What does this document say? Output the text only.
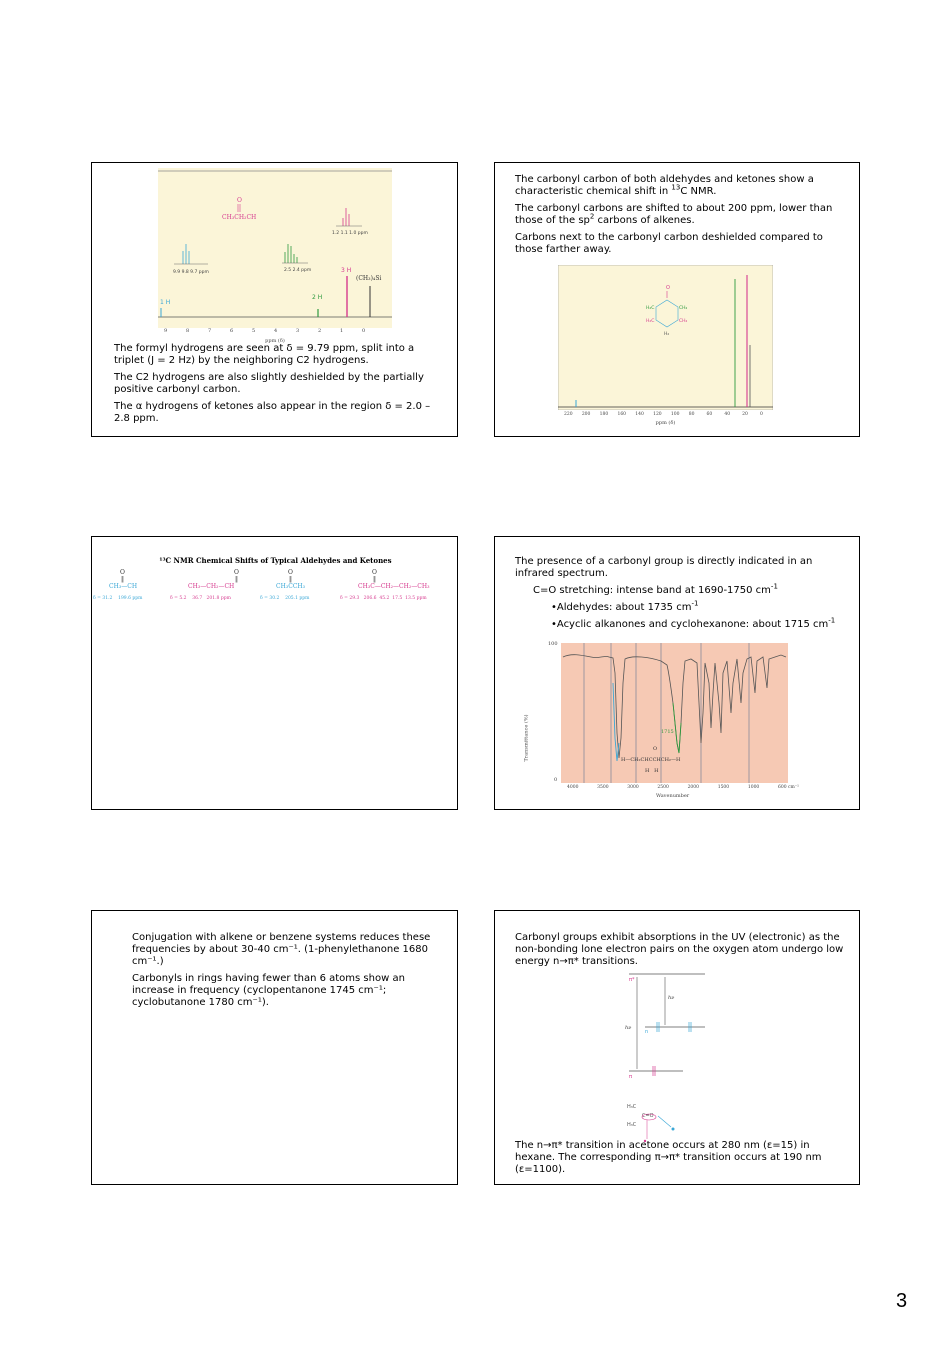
O
CH₃CH₂CH
1 H
2 H
3 H
(CH₃)₄Si
9.9 9.8 9.7 ppm	2.5 2.4 ppm
1.2 1.1 1.0 ppm
9	8	7	6	5	4	3	2	1	0
ppm (δ)

The formyl hydrogens are seen at δ = 9.79 ppm, split into a triplet (J = 2 Hz) by the neighboring C2 hydrogens.

The C2 hydrogens are also slightly deshielded by the partially positive carbonyl carbon.

The α hydrogens of ketones also appear in the region δ = 2.0 – 2.8 ppm.

The carbonyl carbon of both aldehydes and ketones show a characteristic chemical shift in $^{13}$C NMR.

The carbonyl carbons are shifted to about 200 ppm, lower than those of the $sp^2$ carbons of alkenes.

Carbons next to the carbonyl carbon deshielded compared to those farther away.

O
H₂C	CH₂
H₂C	CH₂
H₂
220 200 180 160 140 120 100 80	60	40	20	0
ppm (δ)
¹³C NMR Chemical Shifts of Typical Aldehydes and Ketones
O
‖
CH₃—CH
δ = 31.2    199.6 ppm
O
‖
CH₃—CH₂—CH
δ = 5.2    36.7   201.8 ppm
O
‖
CH₃CCH₃
δ = 30.2    205.1 ppm
O
‖
CH₃C—CH₂—CH₂—CH₃
δ = 29.3   206.6  45.2  17.5  13.5 ppm

The presence of a carbonyl group is directly indicated in an infrared spectrum.

C=O stretching: intense band at 1690-1750 $cm^{-1}$

•Aldehydes: about 1735 $cm^{-1}$

•Acyclic alkanones and cyclohexanone: about 1715 $cm^{-1}$

Transmittance (%)
100
0
1715
O
H—CH₂CHCCHCH₂—H
H   H
4000	3500	3000	2500	2000	1500	1000	600 cm⁻¹
Wavenumber

Conjugation with alkene or benzene systems reduces these frequencies by about 30-40 cm⁻¹. (1-phenylethanone 1680 cm⁻¹.)

Carbonyls in rings having fewer than 6 atoms show an increase in frequency (cyclopentanone 1745 cm⁻¹; cyclobutanone 1780 cm⁻¹).

Carbonyl groups exhibit absorptions in the UV (electronic) as the non-bonding lone electron pairs on the oxygen atom undergo low energy n→π* transitions.

π*
n
π
hν
hν
H₃C
C=O
H₃C

The n→π* transition in acetone occurs at 280 nm (ε=15) in hexane. The corresponding π→π* transition occurs at 190 nm (ε=1100).

3
